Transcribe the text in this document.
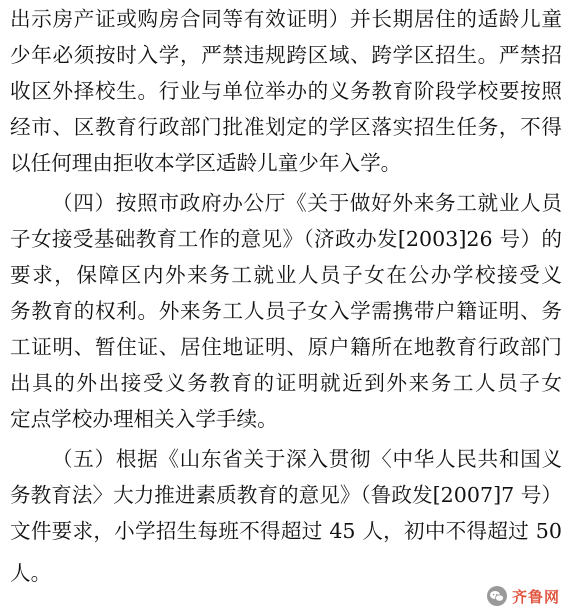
出示房产证或购房合同等有效证明）并长期居住的适龄儿童
少年必须按时入学，严禁违规跨区域、跨学区招生。严禁招
收区外择校生。行业与单位举办的义务教育阶段学校要按照
经市、区教育行政部门批准划定的学区落实招生任务，不得
以任何理由拒收本学区适龄儿童少年入学。
（四）按照市政府办公厅《关于做好外来务工就业人员
子女接受基础教育工作的意见》（济政办发[2003]26 号）的
要求，保障区内外来务工就业人员子女在公办学校接受义
务教育的权利。外来务工人员子女入学需携带户籍证明、务
工证明、暂住证、居住地证明、原户籍所在地教育行政部门
出具的外出接受义务教育的证明就近到外来务工人员子女
定点学校办理相关入学手续。
（五）根据《山东省关于深入贯彻〈中华人民共和国义
务教育法〉大力推进素质教育的意见》（鲁政发[2007]7 号）
文件要求，小学招生每班不得超过 45 人，初中不得超过 50
人。
齐鲁网
